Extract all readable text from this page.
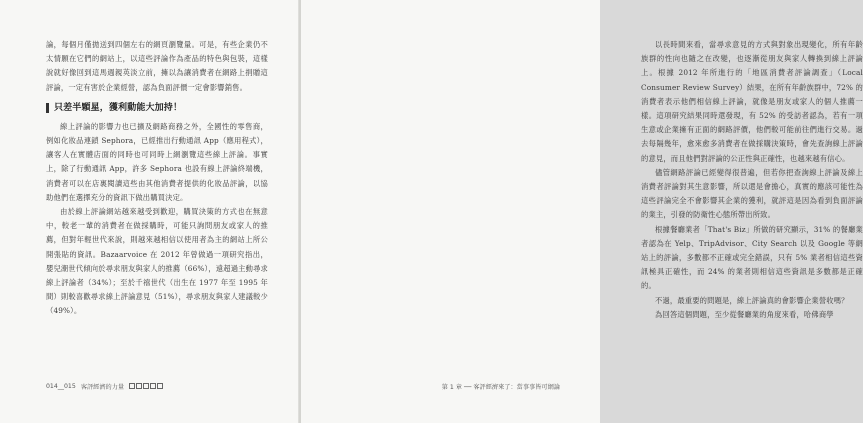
論，每個月僅拋送到四個左右的網頁瀏覽量。可是，有些企業仍不太情願在它們的網站上，以這些評論作為產品的特色與包裝，這樣說就好像回到這馬週親英淡立前，擁以為讓消費者在網路上捐贈這評論，一定有害於企業經營，認為負面評價一定會影響銷售。

只差半顆星，獲利動能大加持！

線上評論的影響力也已擴及網路商務之外，全國性的零售商，例如化妝品連鎖 Sephora，已經推出行動通訊 App（應用程式），讓客人在實體店面的同時也可同時上網瀏覽這些線上評論。事實上，除了行動通訊 App，許多 Sephora 也設有線上評論終端機，消費者可以在店裏閱讀這些由其他消費者提供的化妝品評論，以協助他們在選擇充分的資訊下做出購買決定。

由於線上評論網站越來越受到歡迎，購買決策的方式也在無意中，較老一輩的消費者在做採購時，可能只詢問朋友或家人的推薦，但對年輕世代來說，則越來越相信以使用者為主的網站上所公開張貼的資訊。Bazaarvoice 在 2012 年曾做過一項研究指出，嬰兒潮世代傾向於尋求朋友與家人的推薦（66%），遠超過主動尋求線上評論者（34%）；至於千禧世代（出生在 1977 年至 1995 年間）則較喜歡尋求線上評論意見（51%），尋求朋友與家人建議較少（49%）。

014__015 客評經濟的力量

以長時間來看，當尋求意見的方式與對象出現變化，所有年齡族群的性向也隨之在改變，也逐漸從朋友與家人轉換到線上評論上。根據 2012 年所進行的「地區消費者評論調查」（Local Consumer Review Survey）結果，在所有年齡族群中，72% 的消費者表示他們相信線上評論，就像是朋友或家人的個人推薦一樣。這項研究結果同時還發現，有 52% 的受訪者認為，若有一項生意或企業擁有正面的網路評價，他們較可能前往們進行交易。過去每隔幾年，愈來愈多消費者在做採購決策時，會先查詢線上評論的意見，而且他們對評論的公正性與正確性，也越來越有信心。

儘管網路評論已經變得很普遍，但若你把查詢線上評論及線上消費者評論對其生意影響，所以還是會擔心，真實的應該可能性為這些評論完全不會影響其企業的獲利，就評這是因為看到負面評論的業主，引發的防衛性心態所帶出所致。

根據餐廳業者「That's Biz」所做的研究顯示，31% 的餐廳業者認為在 Yelp、TripAdvisor、City Search 以及 Google 等網站上的評論，多數都不正確或完全錯誤，只有 5% 業者相信這些資訊極具正確性，而 24% 的業者則相信這些資訊是多數都是正確的。

不過，最重要的問題是，線上評論真的會影響企業營收嗎？

為回答這個問題，至少從餐廳業的角度來看，哈佛商學

第 1 章 ── 客評經濟來了：當事事皆可網論
